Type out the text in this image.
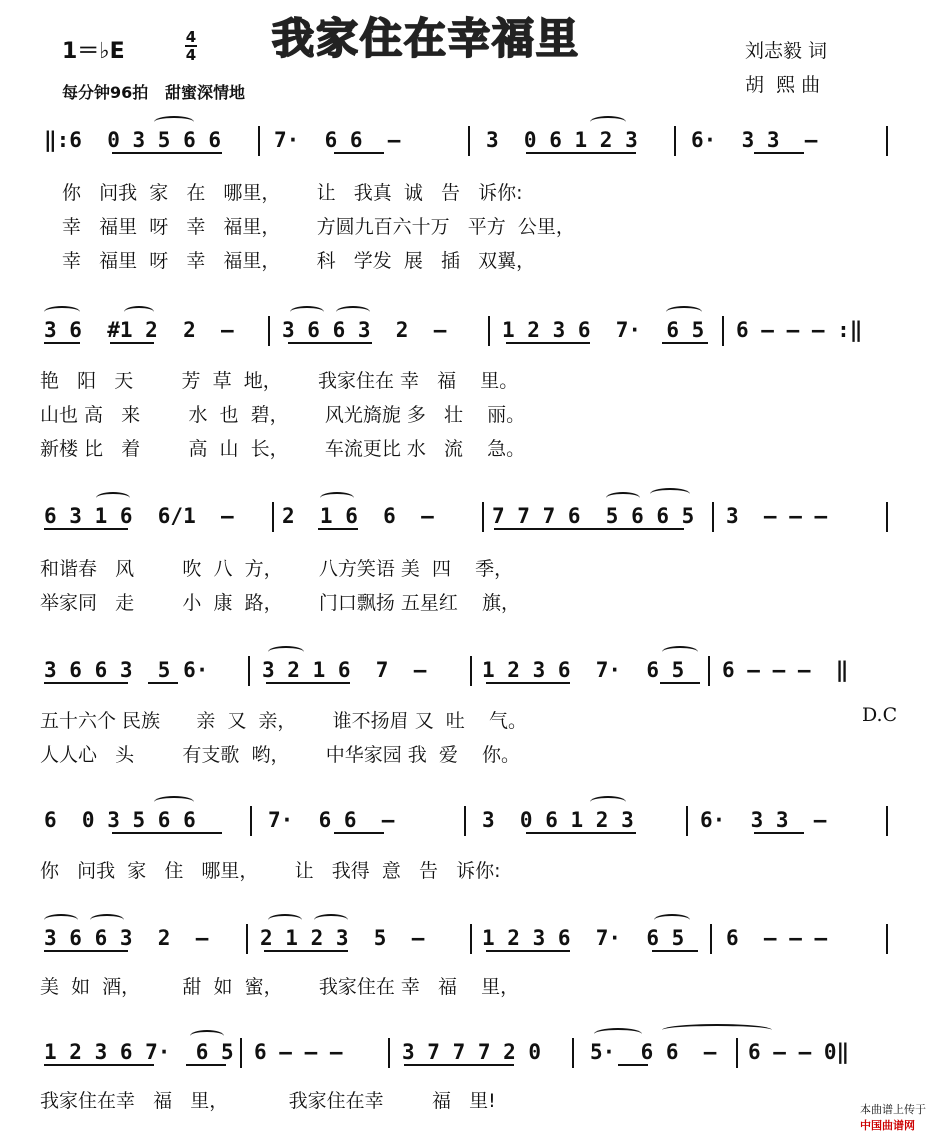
1＝♭E
4
4
每分钟96拍   甜蜜深情地
我家住在幸福里	刘志毅 词
胡  熙 曲
‖:6  0 3 5 6 6	7·  6 6  —	3  0 6 1 2 3	6·  3 3  —
你   问我  家   在   哪里，      让   我真  诚   告   诉你:
幸   福里  呀   幸   福里，      方圆九百六十万   平方  公里，
幸   福里  呀   幸   福里，      科   学发  展   插   双翼，
3 6  #1 2  2  — 3 6 6 3  2  —	1 2 3 6  7·  6 5 6 — — — :‖
艳   阳   天        芳  草  地，      我家住在 幸   福    里。
山也 高   来        水  也  碧，      风光旖旎 多   壮    丽。
新楼 比   着        高  山  长，      车流更比 水   流    急。
6 3 1 6  6/1  — 2  1 6  6  —	7 7 7 6  5 6 6 5 3  — — —
和谐春   风        吹  八  方，      八方笑语 美  四    季，
举家同   走        小  康  路，      门口飘扬 五星红    旗，
3 6 6 3  5 6·	3 2 1 6  7  —	1 2 3 6  7·  6 5 6 — — —  ‖
五十六个 民族      亲  又  亲，      谁不扬眉 又  吐    气。
人人心   头        有支歌  哟，      中华家园 我  爱    你。
D.C
6  0 3 5 6 6	7·  6 6  —	3  0 6 1 2 3	6·  3 3  —
你   问我  家   住   哪里，      让   我得  意   告   诉你:
3 6 6 3  2  — 2 1 2 3  5  —	1 2 3 6  7·  6 5 6  — — —
美  如  酒，       甜  如  蜜，      我家住在 幸   福    里，
1 2 3 6 7·  6 5 6 — — —	3 7 7 7 2 0 5·  6 6  — 6 — — 0‖
我家住在幸   福   里，          我家住在幸        福   里!	本曲谱上传于
中国曲谱网
